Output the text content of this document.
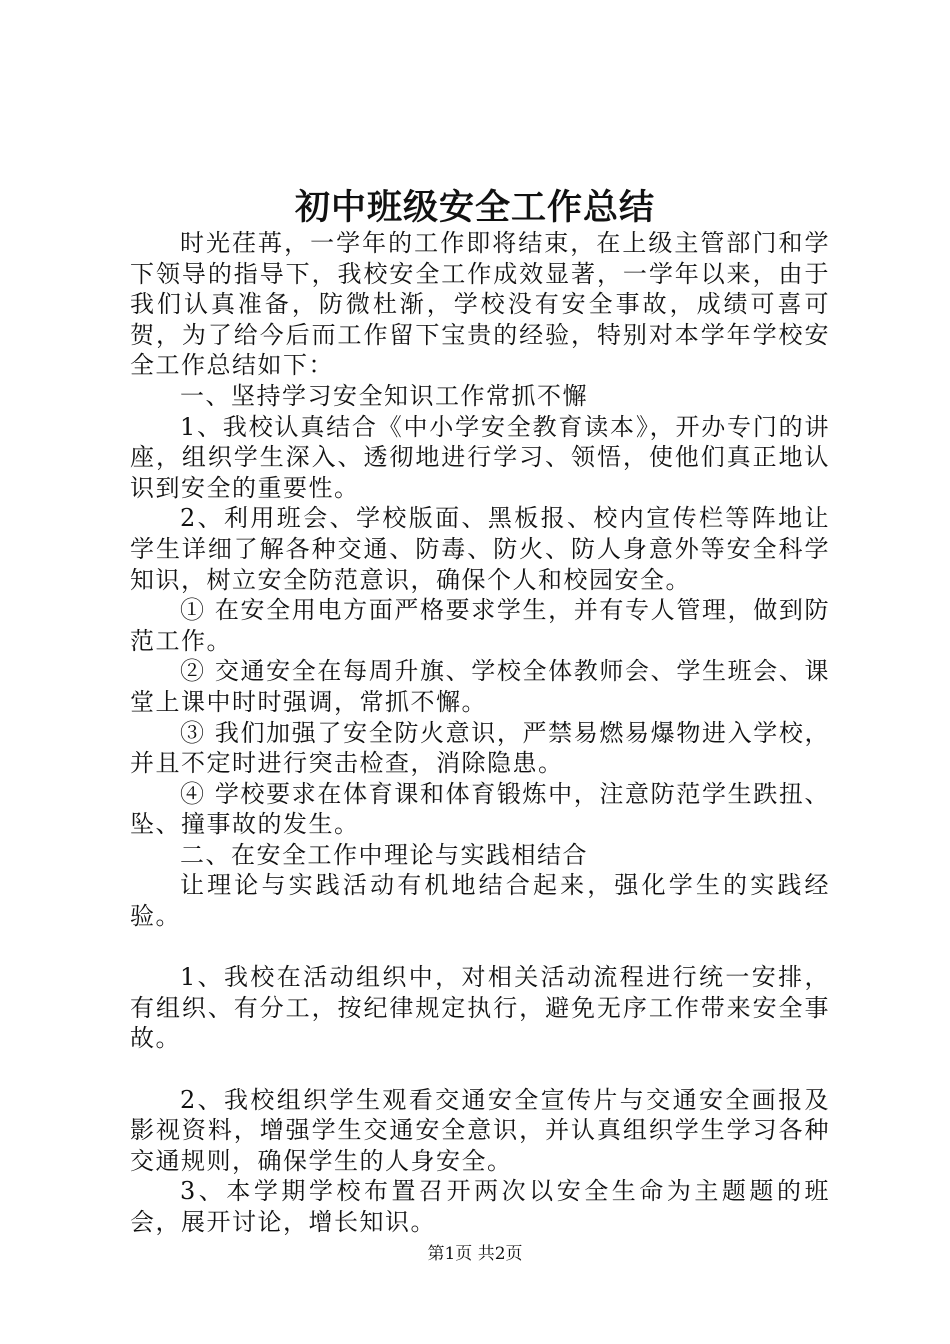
初中班级安全工作总结

时光荏苒，一学年的工作即将结束，在上级主管部门和学下领导的指导下，我校安全工作成效显著，一学年以来，由于我们认真准备，防微杜渐，学校没有安全事故，成绩可喜可贺，为了给今后而工作留下宝贵的经验，特别对本学年学校安全工作总结如下：

一、坚持学习安全知识工作常抓不懈

1、我校认真结合《中小学安全教育读本》，开办专门的讲座，组织学生深入、透彻地进行学习、领悟，使他们真正地认识到安全的重要性。

2、利用班会、学校版面、黑板报、校内宣传栏等阵地让学生详细了解各种交通、防毒、防火、防人身意外等安全科学知识，树立安全防范意识，确保个人和校园安全。

① 在安全用电方面严格要求学生，并有专人管理，做到防范工作。

② 交通安全在每周升旗、学校全体教师会、学生班会、课堂上课中时时强调，常抓不懈。

③ 我们加强了安全防火意识，严禁易燃易爆物进入学校，并且不定时进行突击检查，消除隐患。

④ 学校要求在体育课和体育锻炼中，注意防范学生跌扭、坠、撞事故的发生。

二、在安全工作中理论与实践相结合

让理论与实践活动有机地结合起来，强化学生的实践经验。

1、我校在活动组织中，对相关活动流程进行统一安排，有组织、有分工，按纪律规定执行，避免无序工作带来安全事故。

2、我校组织学生观看交通安全宣传片与交通安全画报及影视资料，增强学生交通安全意识，并认真组织学生学习各种交通规则，确保学生的人身安全。

3、本学期学校布置召开两次以安全生命为主题题的班会，展开讨论，增长知识。

第1页 共2页
